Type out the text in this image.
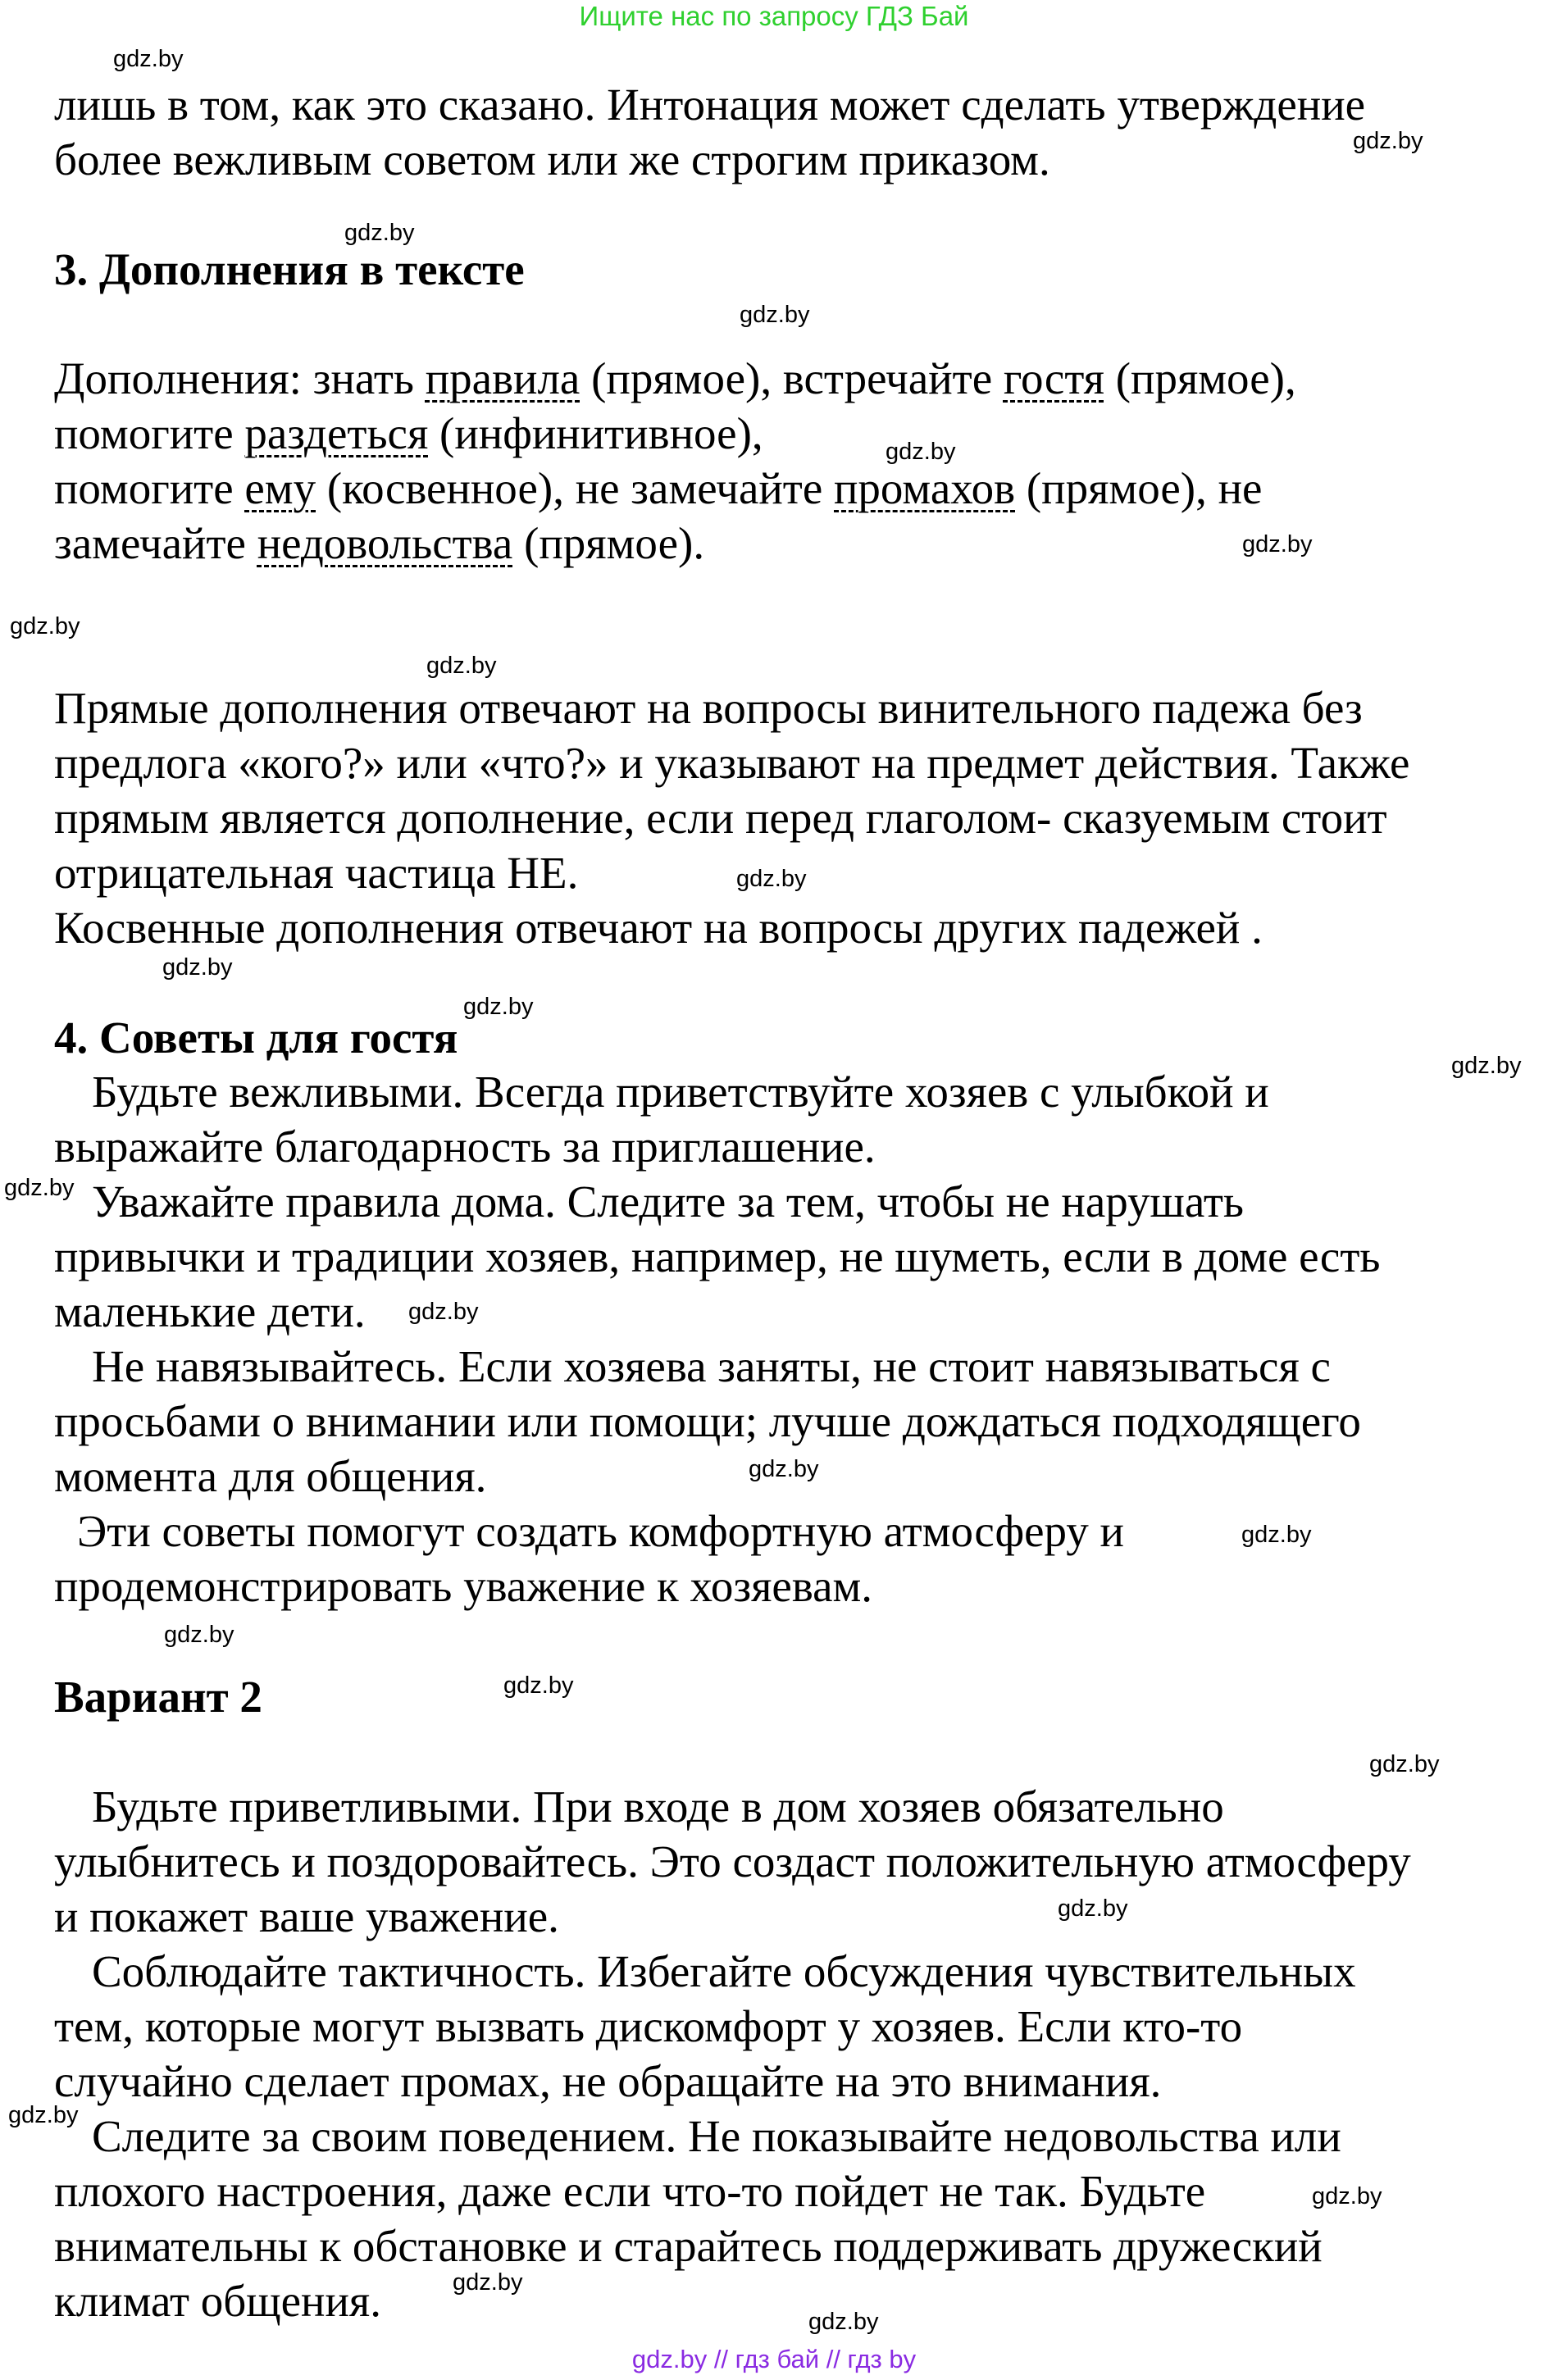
Ищите нас по запросу ГДЗ Бай
gdz.by
gdz.by
gdz.by
gdz.by
gdz.by
gdz.by
gdz.by
gdz.by
gdz.by
gdz.by
gdz.by
gdz.by
gdz.by
gdz.by
gdz.by
gdz.by
gdz.by
gdz.by
gdz.by
gdz.by
gdz.by
gdz.by
gdz.by
gdz.by
лишь в том, как это сказано. Интонация может сделать утверждение
более вежливым советом или же строгим приказом.
3. Дополнения в тексте
Дополнения: знать правила (прямое), встречайте гостя (прямое),
помогите раздеться (инфинитивное),
помогите ему (косвенное), не замечайте промахов (прямое), не
замечайте недовольства (прямое).
Прямые дополнения отвечают на вопросы винительного падежа без
предлога «кого?» или «что?» и указывают на предмет действия. Также
прямым является дополнение, если перед глаголом- сказуемым стоит
отрицательная частица НЕ.
Косвенные дополнения отвечают на вопросы других падежей .
4. Советы для гостя
Будьте вежливыми. Всегда приветствуйте хозяев с улыбкой и
выражайте благодарность за приглашение.
Уважайте правила дома. Следите за тем, чтобы не нарушать
привычки и традиции хозяев, например, не шуметь, если в доме есть
маленькие дети.
Не навязывайтесь. Если хозяева заняты, не стоит навязываться с
просьбами о внимании или помощи; лучше дождаться подходящего
момента для общения.
Эти советы помогут создать комфортную атмосферу и
продемонстрировать уважение к хозяевам.
Вариант 2
Будьте приветливыми. При входе в дом хозяев обязательно
улыбнитесь и поздоровайтесь. Это создаст положительную атмосферу
и покажет ваше уважение.
Соблюдайте тактичность. Избегайте обсуждения чувствительных
тем, которые могут вызвать дискомфорт у хозяев. Если кто-то
случайно сделает промах, не обращайте на это внимания.
Следите за своим поведением. Не показывайте недовольства или
плохого настроения, даже если что-то пойдет не так. Будьте
внимательны к обстановке и старайтесь поддерживать дружеский
климат общения.
gdz.by // гдз бай // гдз by
